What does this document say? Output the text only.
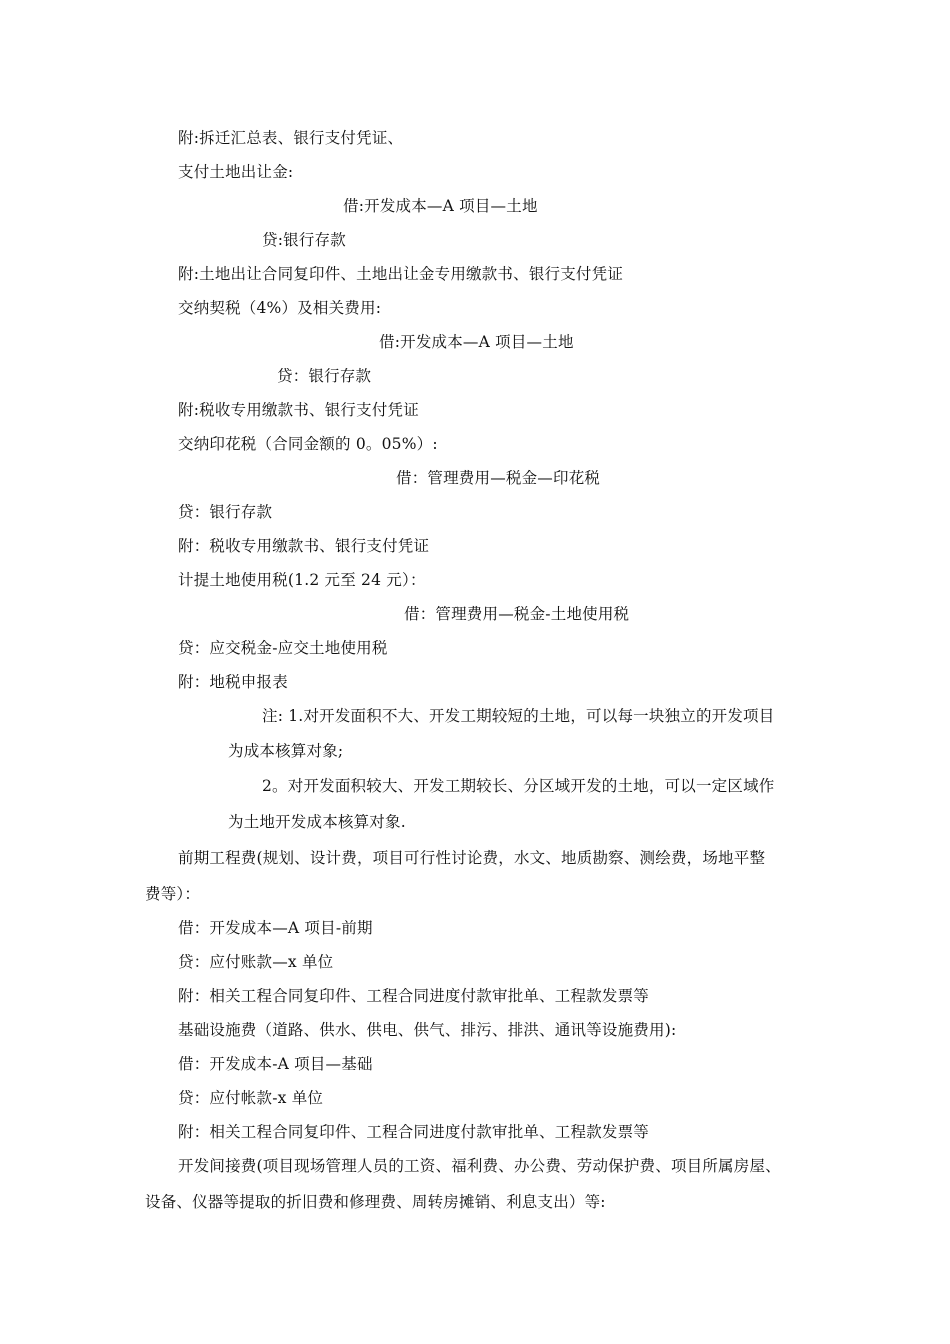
附:拆迁汇总表、银行支付凭证、
支付土地出让金:
借:开发成本—A 项目—土地
贷:银行存款
附:土地出让合同复印件、土地出让金专用缴款书、银行支付凭证
交纳契税（4%）及相关费用:
借:开发成本—A 项目—土地
贷：银行存款
附:税收专用缴款书、银行支付凭证
交纳印花税（合同金额的 0。05%）:
借：管理费用—税金—印花税
贷：银行存款
附：税收专用缴款书、银行支付凭证
计提土地使用税(1.2 元至 24 元）：
借：管理费用—税金-土地使用税
贷：应交税金-应交土地使用税
附：地税申报表
注: 1.对开发面积不大、开发工期较短的土地，可以每一块独立的开发项目
为成本核算对象;
2。对开发面积较大、开发工期较长、分区域开发的土地，可以一定区域作
为土地开发成本核算对象.
前期工程费(规划、设计费，项目可行性讨论费，水文、地质勘察、测绘费，场地平整
费等）：
借：开发成本—A 项目-前期
贷：应付账款—x 单位
附：相关工程合同复印件、工程合同进度付款审批单、工程款发票等
基础设施费（道路、供水、供电、供气、排污、排洪、通讯等设施费用):
借：开发成本-A 项目—基础
贷：应付帐款-x 单位
附：相关工程合同复印件、工程合同进度付款审批单、工程款发票等
开发间接费(项目现场管理人员的工资、福利费、办公费、劳动保护费、项目所属房屋、
设备、仪器等提取的折旧费和修理费、周转房摊销、利息支出）等:
